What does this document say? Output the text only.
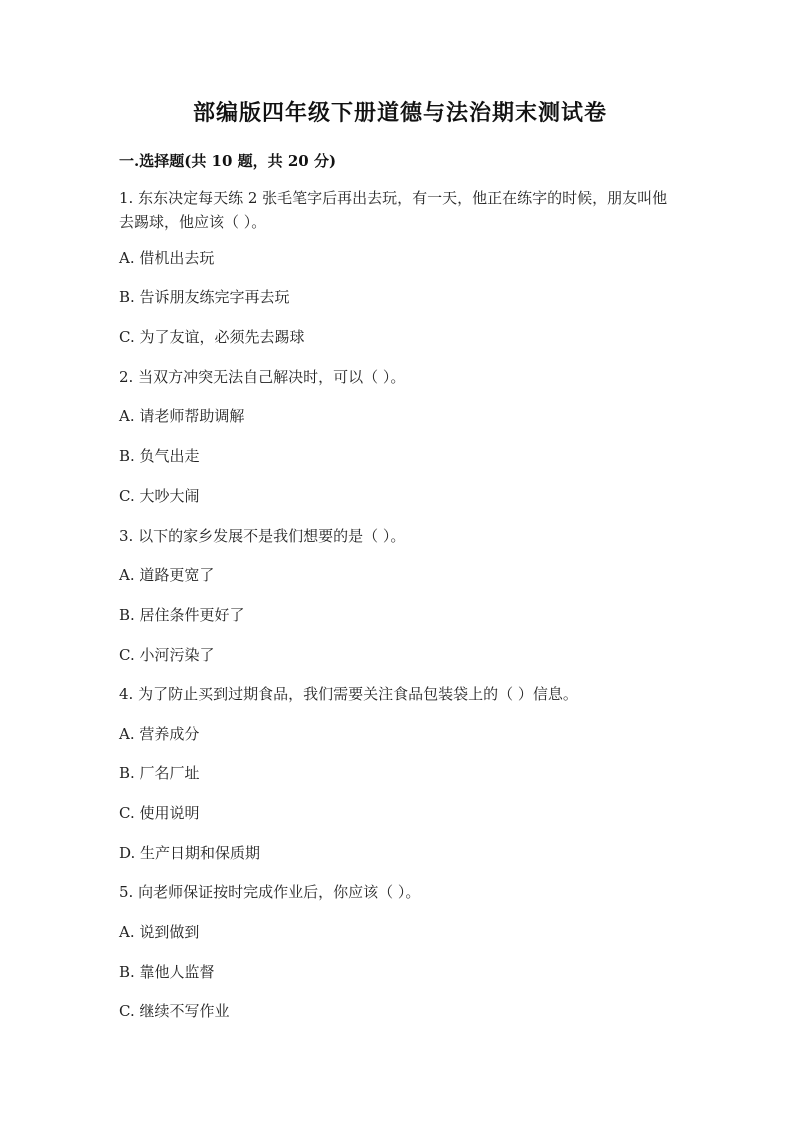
部编版四年级下册道德与法治期末测试卷
一.选择题(共 10 题，共 20 分)
1. 东东决定每天练 2 张毛笔字后再出去玩，有一天，他正在练字的时候，朋友叫他去踢球，他应该（ ）。
A. 借机出去玩
B. 告诉朋友练完字再去玩
C. 为了友谊，必须先去踢球
2. 当双方冲突无法自己解决时，可以（ ）。
A. 请老师帮助调解
B. 负气出走
C. 大吵大闹
3. 以下的家乡发展不是我们想要的是（ ）。
A. 道路更宽了
B. 居住条件更好了
C. 小河污染了
4. 为了防止买到过期食品，我们需要关注食品包装袋上的（ ）信息。
A. 营养成分
B. 厂名厂址
C. 使用说明
D. 生产日期和保质期
5. 向老师保证按时完成作业后，你应该（ ）。
A. 说到做到
B. 靠他人监督
C. 继续不写作业
